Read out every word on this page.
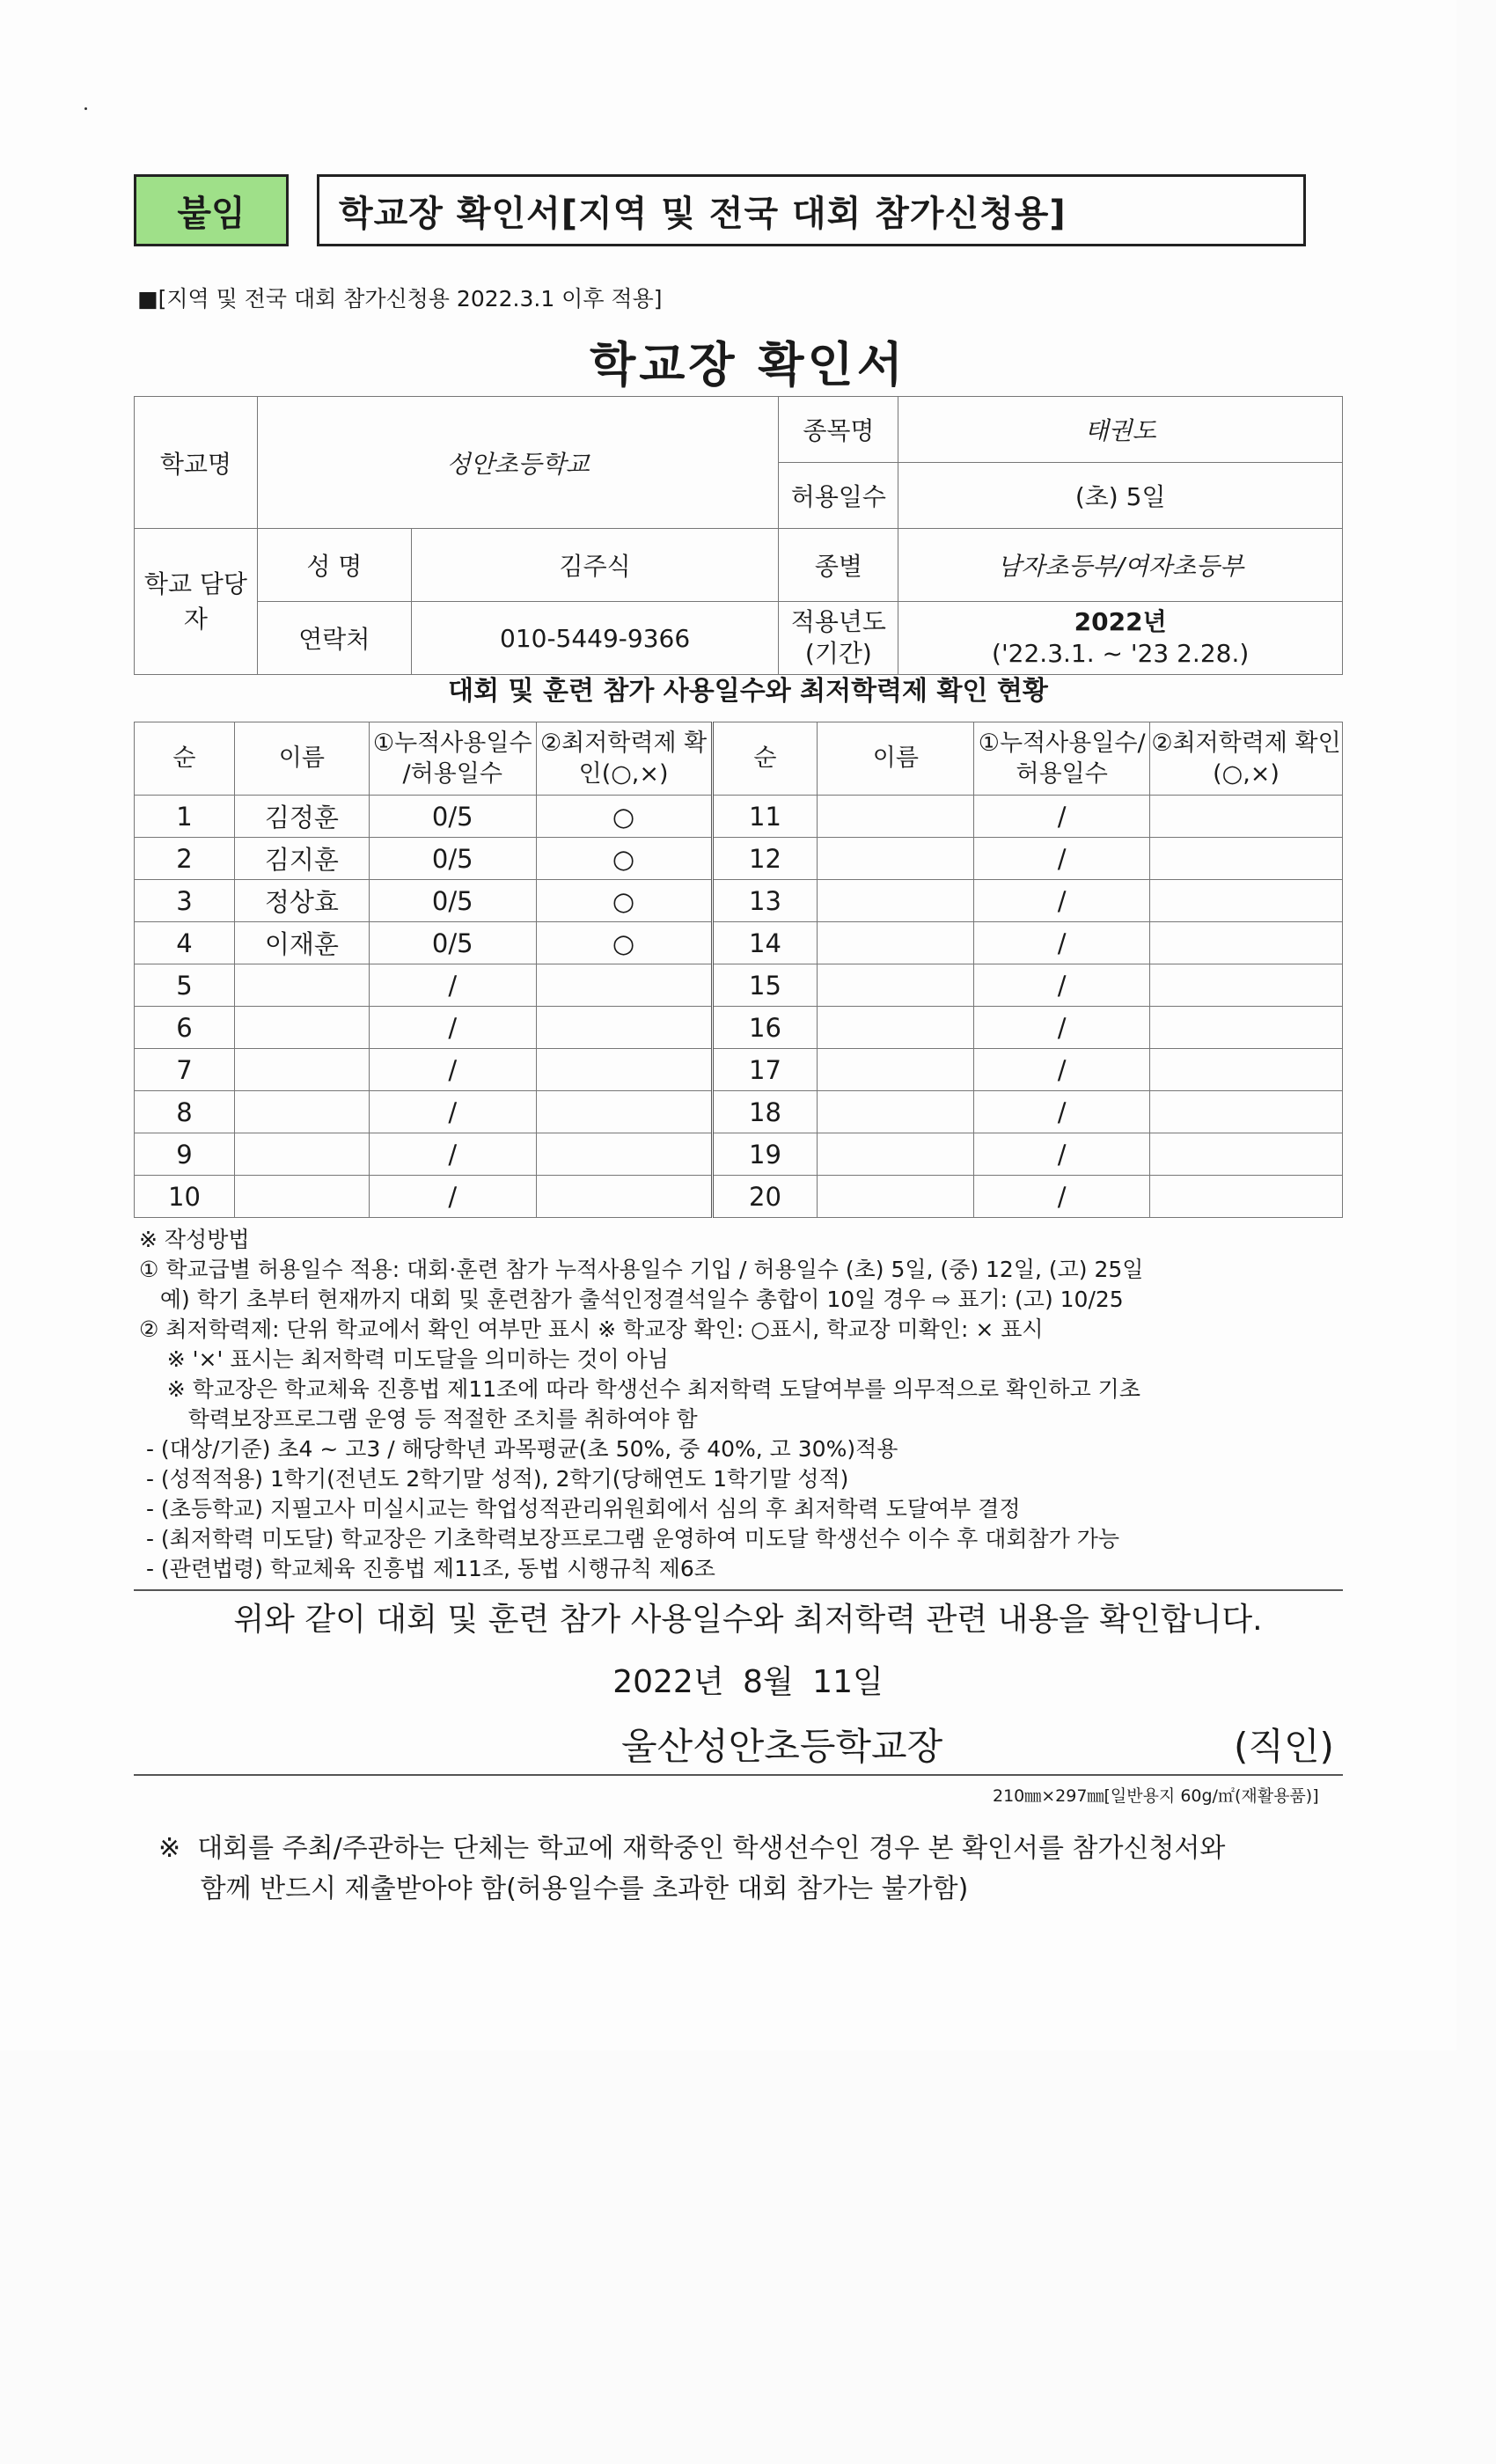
붙임	학교장 확인서[지역 및 전국 대회 참가신청용]
■[지역 및 전국 대회 참가신청용 2022.3.1 이후 적용]
학교장 확인서
학교명	성안초등학교		종목명	태권도
			허용일수	(초) 5일
학교 담당자	성 명	김주식	종별	남자초등부/여자초등부
	연락처	010-5449-9366	적용년도 (기간)	2022년
('22.3.1. ~ '23 2.28.)
대회 및 훈련 참가 사용일수와 최저학력제 확인 현황
순	이름	①누적사용일수 /허용일수	②최저학력제 확인(○,×)	순	이름	①누적사용일수/ 허용일수	②최저학력제 확인(○,×)
1	김정훈	0/5	○	11		/	
2	김지훈	0/5	○	12		/	
3	정상효	0/5	○	13		/	
4	이재훈	0/5	○	14		/	
5		/		15		/	
6		/		16		/	
7		/		17		/	
8		/		18		/	
9		/		19		/	
10		/		20		/	

※ 작성방법

① 학교급별 허용일수 적용: 대회·훈련 참가 누적사용일수 기입 / 허용일수 (초) 5일, (중) 12일, (고) 25일

예) 학기 초부터 현재까지 대회 및 훈련참가 출석인정결석일수 총합이 10일 경우 ⇨ 표기: (고) 10/25

② 최저학력제: 단위 학교에서 확인 여부만 표시 ※ 학교장 확인: ○표시, 학교장 미확인: × 표시

※ '×' 표시는 최저학력 미도달을 의미하는 것이 아님

※ 학교장은 학교체육 진흥법 제11조에 따라 학생선수 최저학력 도달여부를 의무적으로 확인하고 기초

학력보장프로그램 운영 등 적절한 조치를 취하여야 함

- (대상/기준) 초4 ~ 고3 / 해당학년 과목평균(초 50%, 중 40%, 고 30%)적용

- (성적적용) 1학기(전년도 2학기말 성적), 2학기(당해연도 1학기말 성적)

- (초등학교) 지필고사 미실시교는 학업성적관리위원회에서 심의 후 최저학력 도달여부 결정

- (최저학력 미도달) 학교장은 기초학력보장프로그램 운영하여 미도달 학생선수 이수 후 대회참가 가능

- (관련법령) 학교체육 진흥법 제11조, 동법 시행규칙 제6조

위와 같이 대회 및 훈련 참가 사용일수와 최저학력 관련 내용을 확인합니다.
2022년 8월 11일
울산성안초등학교장	(직인)
210㎜×297㎜[일반용지 60g/㎡(재활용품)]

※  대회를 주최/주관하는 단체는 학교에 재학중인 학생선수인 경우 본 확인서를 참가신청서와

함께 반드시 제출받아야 함(허용일수를 초과한 대회 참가는 불가함)
